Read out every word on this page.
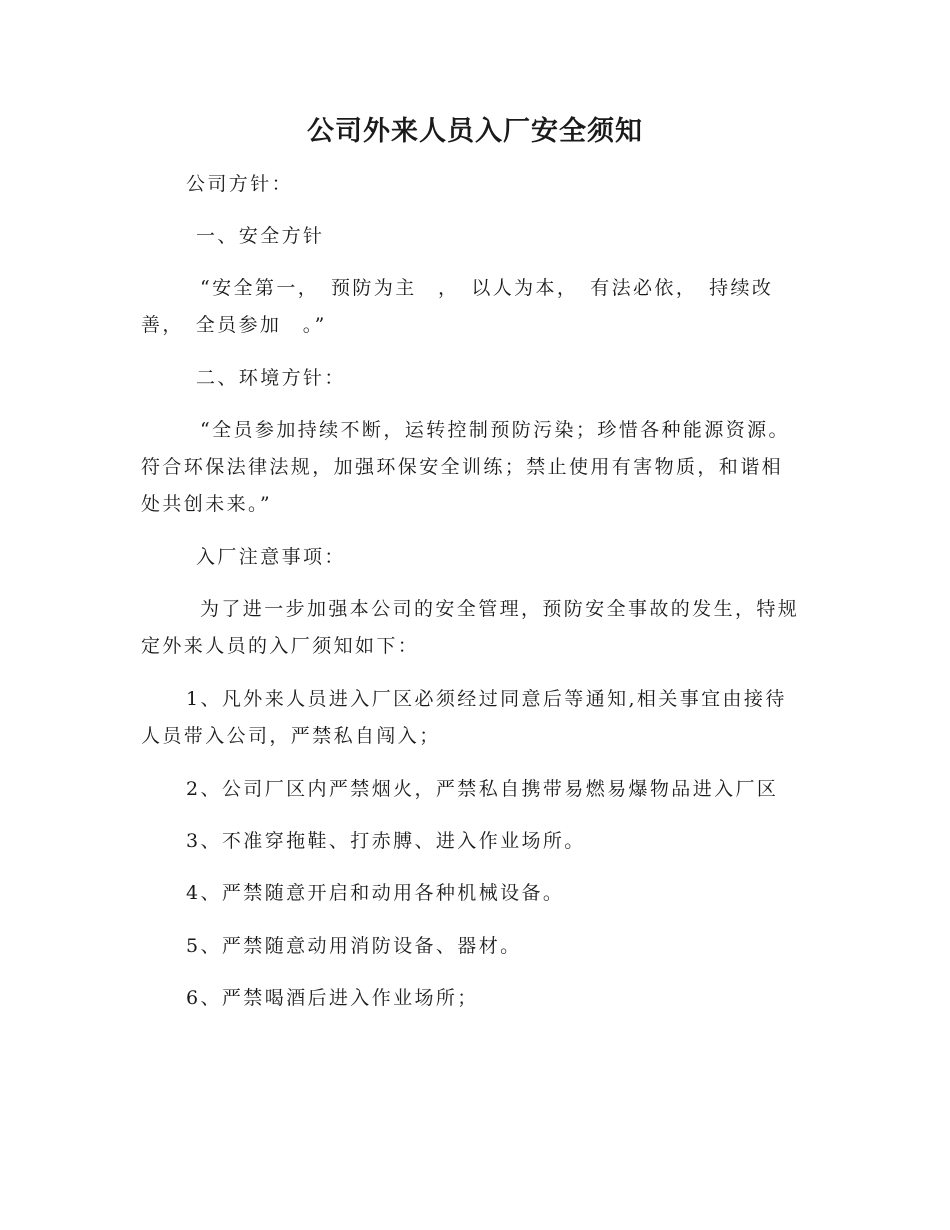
公司外来人员入厂安全须知

公司方针：

一、安全方针

“安全第一，　预防为主　，　以人为本，　有法必依，　持续改

善，　全员参加　。”

二、环境方针：

“全员参加持续不断，运转控制预防污染；珍惜各种能源资源。

符合环保法律法规，加强环保安全训练；禁止使用有害物质，和谐相

处共创未来。”

入厂注意事项：

为了进一步加强本公司的安全管理，预防安全事故的发生，特规

定外来人员的入厂须知如下：

1、凡外来人员进入厂区必须经过同意后等通知,相关事宜由接待

人员带入公司，严禁私自闯入；

2、公司厂区内严禁烟火，严禁私自携带易燃易爆物品进入厂区

3、不准穿拖鞋、打赤膊、进入作业场所。

4、严禁随意开启和动用各种机械设备。

5、严禁随意动用消防设备、器材。

6、严禁喝酒后进入作业场所；
